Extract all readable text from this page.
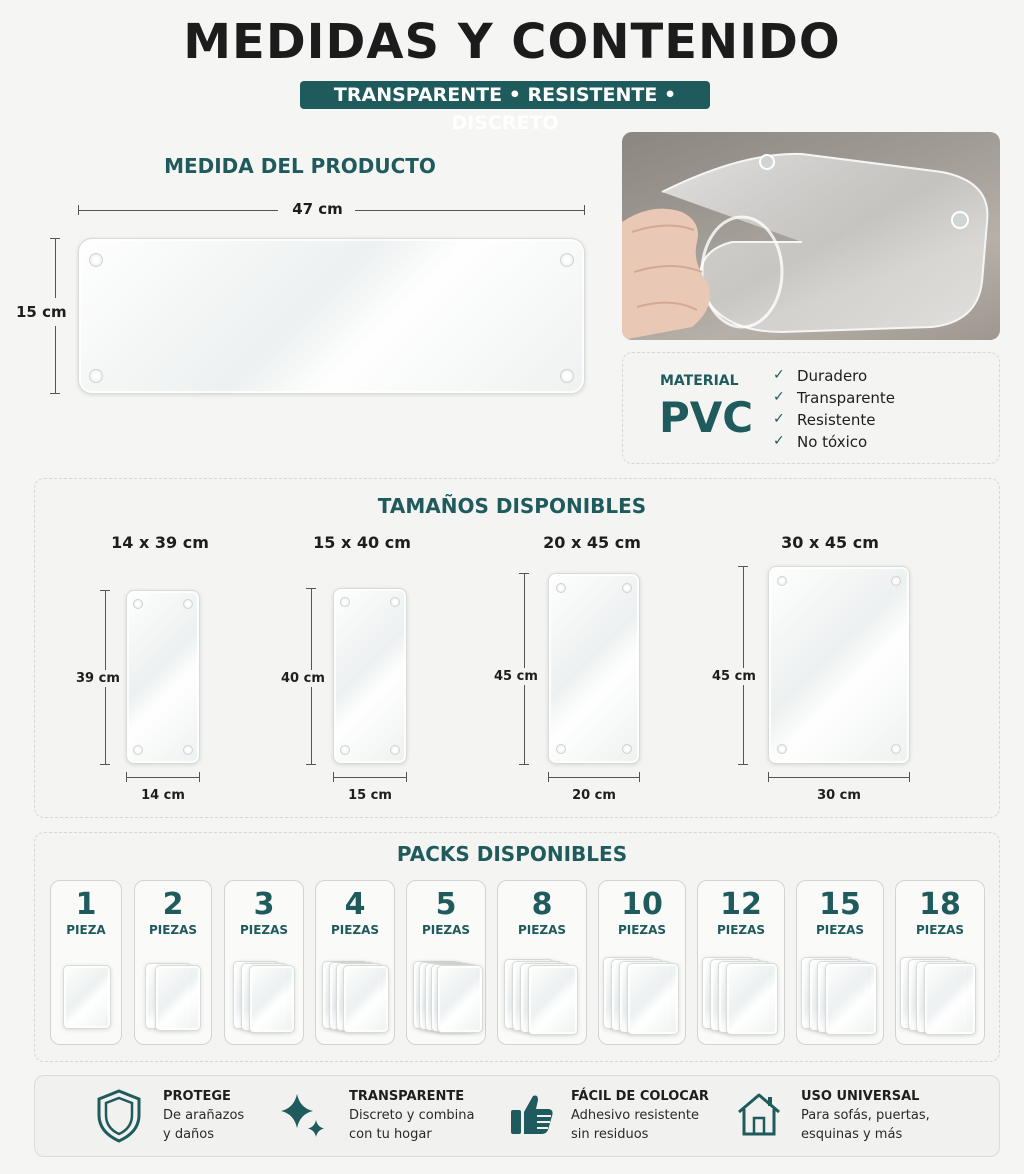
MEDIDAS Y CONTENIDO
TRANSPARENTE • RESISTENTE • DISCRETO
MEDIDA DEL PRODUCTO
47 cm
15 cm
MATERIAL
PVC
✓ Duradero
✓ Transparente
✓ Resistente
✓ No tóxico
TAMAÑOS DISPONIBLES
14 x 39 cm
39 cm
14 cm
15 x 40 cm
40 cm
15 cm
20 x 45 cm
45 cm
20 cm
30 x 45 cm
45 cm
30 cm
PACKS DISPONIBLES
1
PIEZA
2
PIEZAS
3
PIEZAS
4
PIEZAS
5
PIEZAS
8
PIEZAS
10
PIEZAS
12
PIEZAS
15
PIEZAS
18
PIEZAS
PROTEGE
De arañazos
y daños
TRANSPARENTE
Discreto y combina
con tu hogar
FÁCIL DE COLOCAR
Adhesivo resistente
sin residuos
USO UNIVERSAL
Para sofás, puertas,
esquinas y más
